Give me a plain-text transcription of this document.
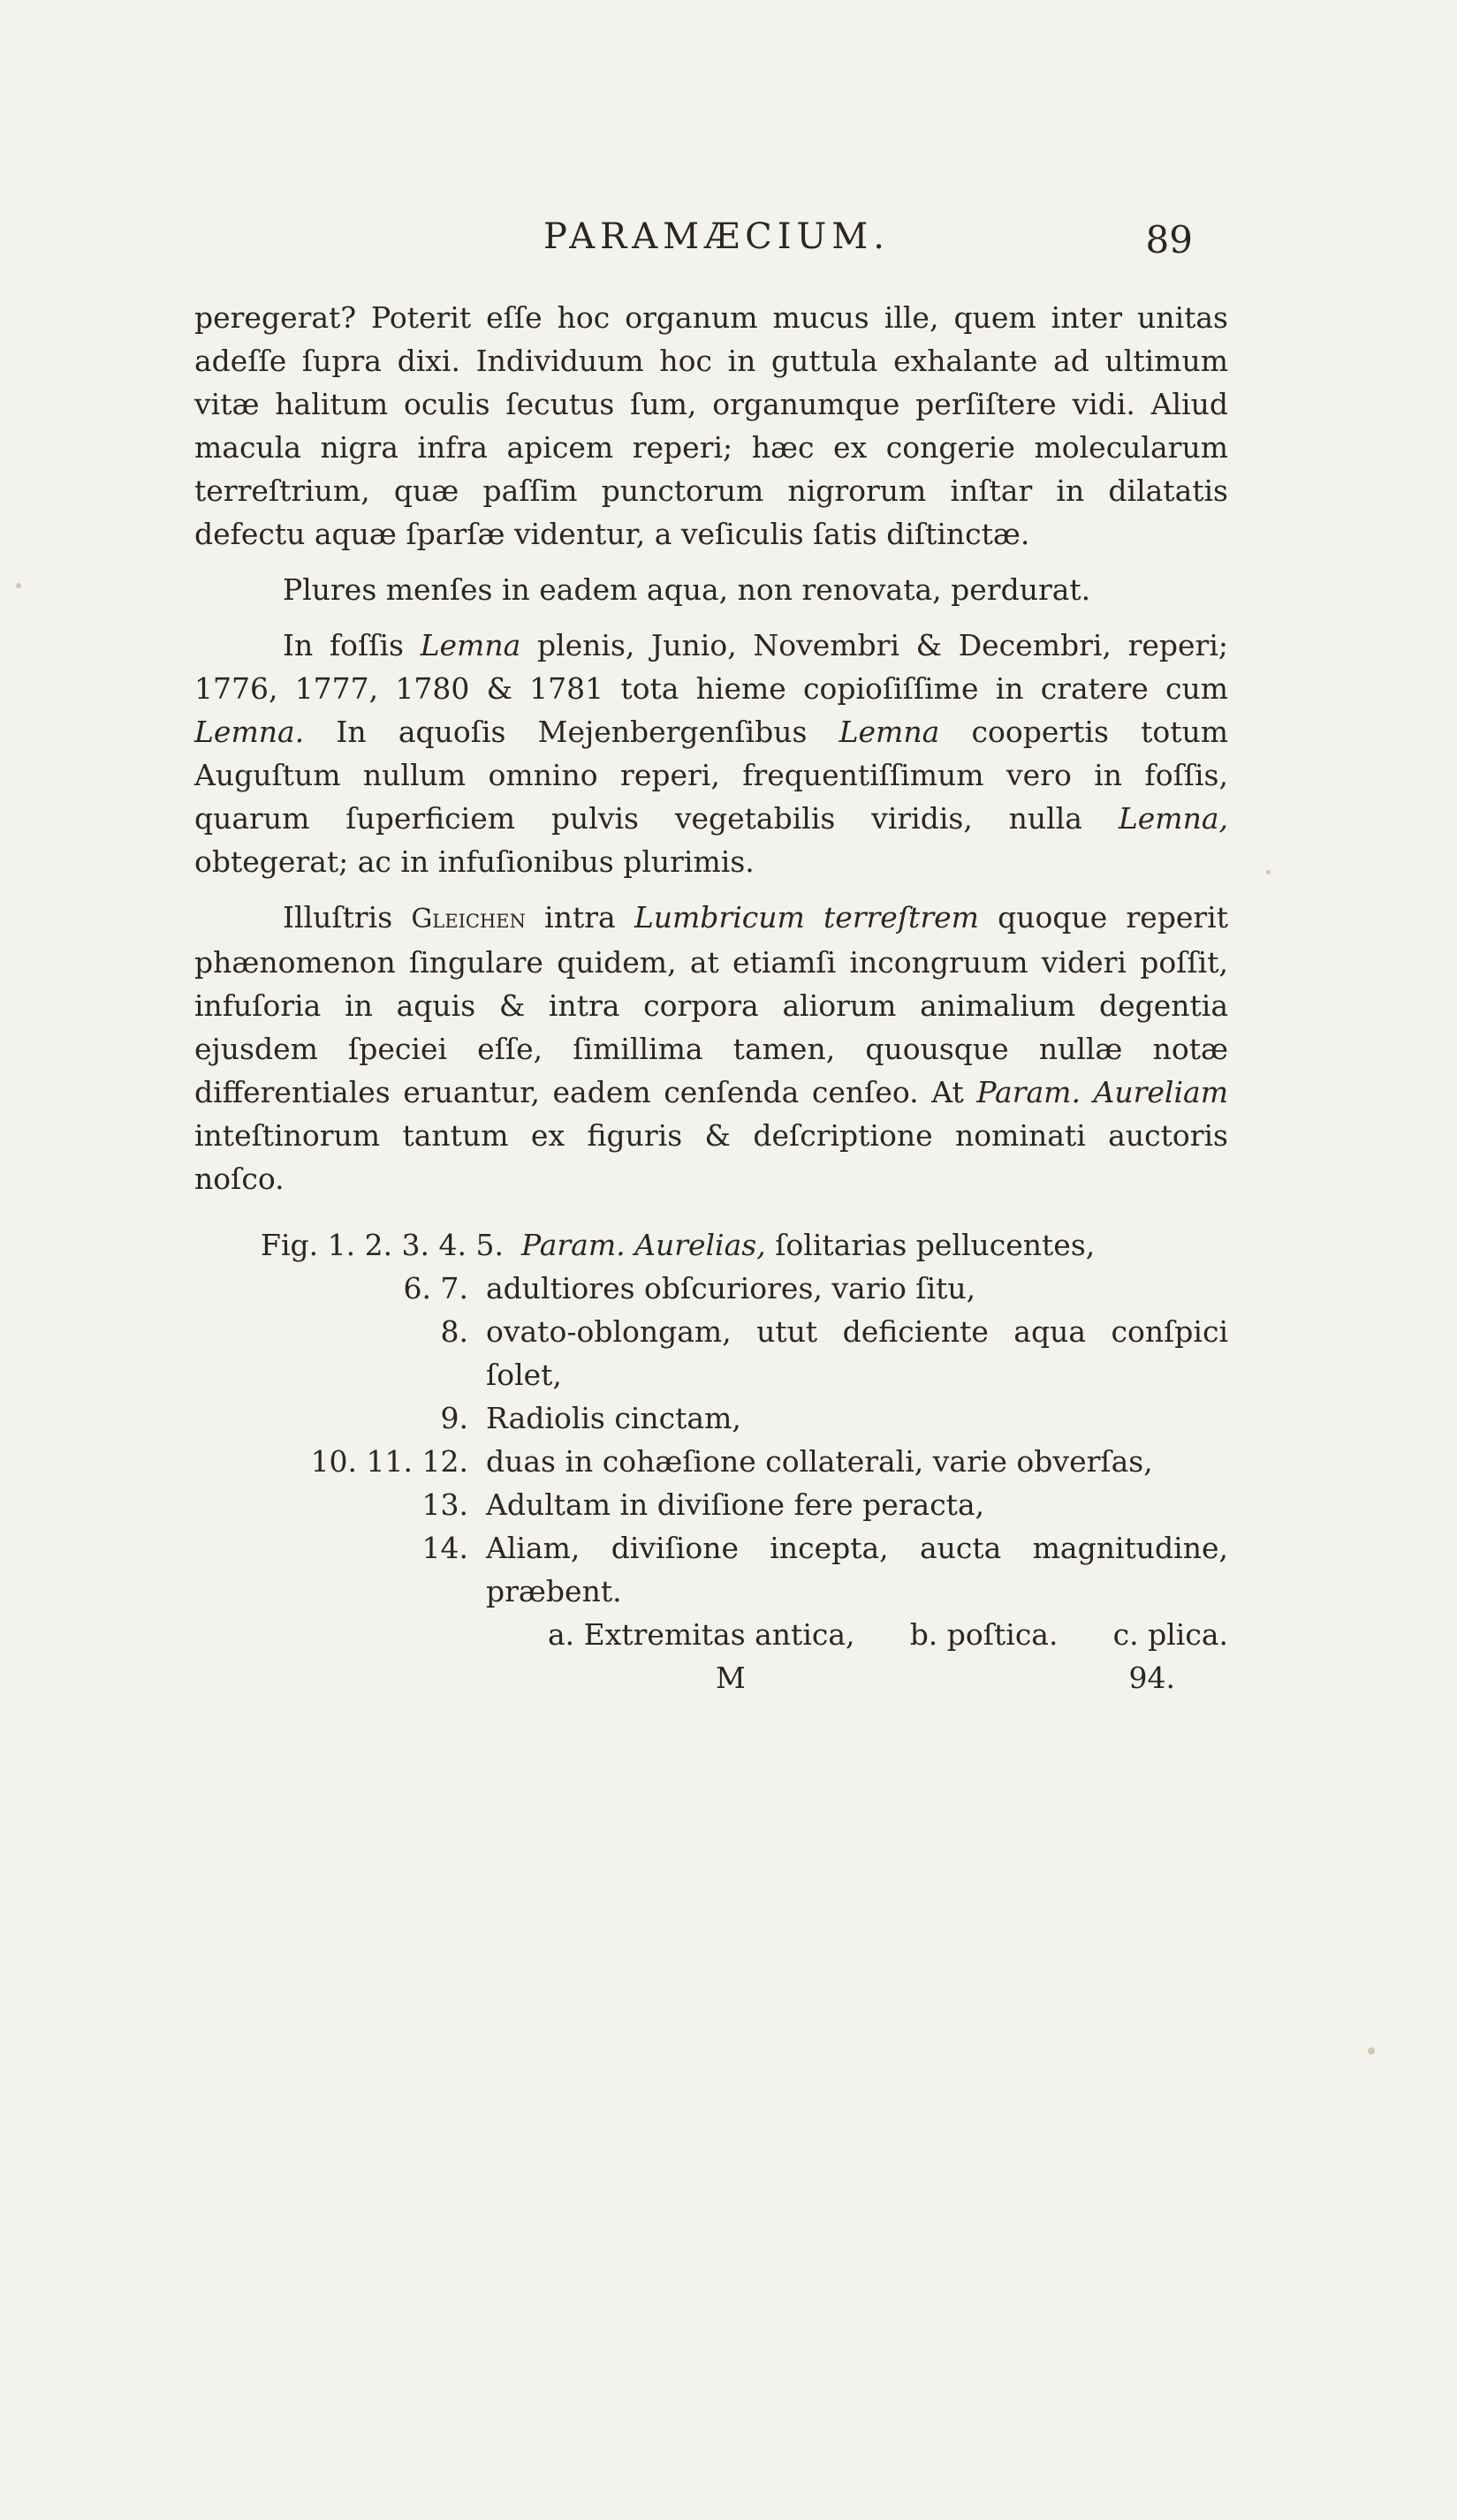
PARAMÆCIUM.	89

peregerat? Poterit eſſe hoc organum mucus ille, quem inter unitas adeſſe ſupra dixi. Individuum hoc in guttula exhalante ad ultimum vitæ halitum oculis ſecutus ſum, organumque perſiſtere vidi. Aliud macula nigra infra apicem reperi; hæc ex congerie molecularum terreſtrium, quæ paſſim punctorum nigrorum inſtar in dilatatis defectu aquæ ſparſæ videntur, a veſiculis ſatis diſtinctæ.

Plures menſes in eadem aqua, non renovata, perdurat.

In foſſis Lemna plenis, Junio, Novembri & Decembri, reperi; 1776, 1777, 1780 & 1781 tota hieme copioſiſſime in cratere cum Lemna. In aquoſis Mejenbergenſibus Lemna coopertis totum Auguſtum nullum omnino reperi, frequentiſſimum vero in foſſis, quarum ſuperficiem pulvis vegetabilis viridis, nulla Lemna, obtegerat; ac in infuſionibus plurimis.

Illuſtris Gleichen intra Lumbricum terreſtrem quoque reperit phænomenon ſingulare quidem, at etiamſi incongruum videri poſſit, infuſoria in aquis & intra corpora aliorum animalium degentia ejusdem ſpeciei eſſe, ſimillima tamen, quousque nullæ notæ differentiales eruantur, eadem cenſenda cenſeo. At Param. Aureliam inteſtinorum tantum ex figuris & deſcriptione nominati auctoris noſco.

Fig. 1. 2. 3. 4. 5. Param. Aurelias, ſolitarias pellucentes,
6. 7. adultiores obſcuriores, vario ſitu,
8. ovato-oblongam, utut deficiente aqua conſpici ſolet,
9. Radiolis cinctam,
10. 11. 12. duas in cohæſione collaterali, varie obverſas,
13. Adultam in diviſione fere peracta,
14. Aliam, diviſione incepta, aucta magnitudine, præbent.
a. Extremitas antica, b. poſtica. c. plica.
M	94.
